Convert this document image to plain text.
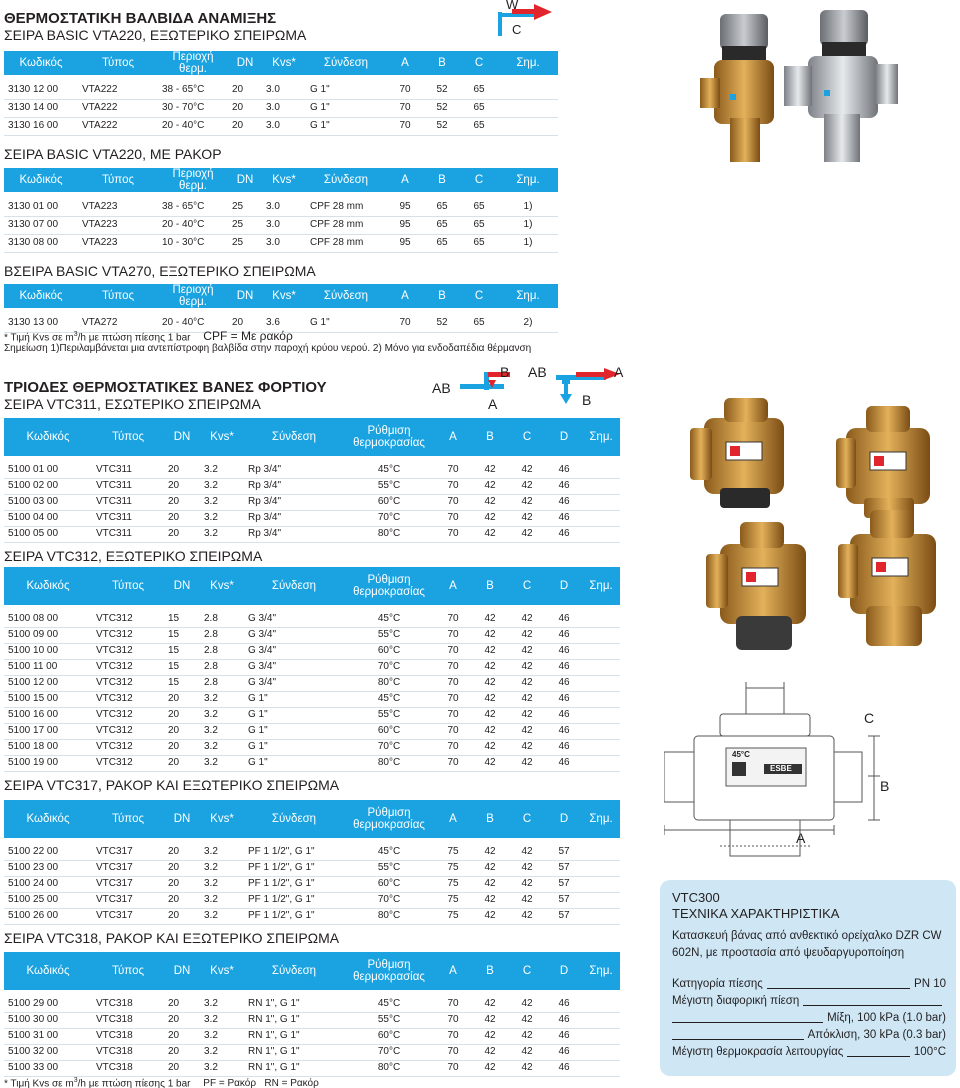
ΘΕΡΜΟΣΤΑΤΙΚΗ ΒΑΛΒΙΔΑ ΑΝΑΜΙΞΗΣ
ΣΕΙΡΑ BASIC VTA220, ΕΞΩΤΕΡΙΚΟ ΣΠΕΙΡΩΜΑ
W
C
Κωδικός	Τύπος	Περιοχή θερμ.	DN	Kvs*	Σύνδεση	A	B	C	Σημ.

3130 12 00	VTA222	38 - 65°C	20	3.0	G 1"	70	52	65	
3130 14 00	VTA222	30 - 70°C	20	3.0	G 1"	70	52	65	
3130 16 00	VTA222	20 - 40°C	20	3.0	G 1"	70	52	65	
ΣΕΙΡΑ BASIC VTA220, ΜΕ ΡΑΚΟΡ
Κωδικός	Τύπος	Περιοχή θερμ.	DN	Kvs*	Σύνδεση	A	B	C	Σημ.

3130 01 00	VTA223	38 - 65°C	25	3.0	CPF 28 mm	95	65	65	1)
3130 07 00	VTA223	20 - 40°C	25	3.0	CPF 28 mm	95	65	65	1)
3130 08 00	VTA223	10 - 30°C	25	3.0	CPF 28 mm	95	65	65	1)
ΒΣΕΙΡΑ BASIC VTA270, ΕΞΩΤΕΡΙΚΟ ΣΠΕΙΡΩΜΑ
Κωδικός	Τύπος	Περιοχή θερμ.	DN	Kvs*	Σύνδεση	A	B	C	Σημ.

3130 13 00	VTA272	20 - 40°C	20	3.6	G 1"	70	52	65	2)
* Τιμή Kvs σε $m^3/h$ με πτώση πίεσης 1 bar CPF = Με ρακόρ
Σημείωση 1)Περιλαμβάνεται μια αντεπίστροφη βαλβίδα στην παροχή κρύου νερού. 2) Μόνο για ενδοδαπέδια θέρμανση
ΤΡΙΟΔΕΣ ΘΕΡΜΟΣΤΑΤΙΚΕΣ ΒΑΝΕΣ ΦΟΡΤΙΟΥ
ΣΕΙΡΑ VTC311, ΕΣΩΤΕΡΙΚΟ ΣΠΕΙΡΩΜΑ
AB
B
A
AB	A
B
Κωδικός	Τύπος	DN	Kvs*	Σύνδεση	Ρύθμιση θερμοκρασίας	A	B	C	D	Σημ.

5100 01 00	VTC311	20	3.2	Rp 3/4"	45°C	70	42	42	46	
5100 02 00	VTC311	20	3.2	Rp 3/4"	55°C	70	42	42	46	
5100 03 00	VTC311	20	3.2	Rp 3/4"	60°C	70	42	42	46	
5100 04 00	VTC311	20	3.2	Rp 3/4"	70°C	70	42	42	46	
5100 05 00	VTC311	20	3.2	Rp 3/4"	80°C	70	42	42	46	
ΣΕΙΡΑ VTC312, ΕΞΩΤΕΡΙΚΟ ΣΠΕΙΡΩΜΑ
Κωδικός	Τύπος	DN	Kvs*	Σύνδεση	Ρύθμιση θερμοκρασίας	A	B	C	D	Σημ.

5100 08 00	VTC312	15	2.8	G 3/4"	45°C	70	42	42	46	
5100 09 00	VTC312	15	2.8	G 3/4"	55°C	70	42	42	46	
5100 10 00	VTC312	15	2.8	G 3/4"	60°C	70	42	42	46	
5100 11 00	VTC312	15	2.8	G 3/4"	70°C	70	42	42	46	
5100 12 00	VTC312	15	2.8	G 3/4"	80°C	70	42	42	46	
5100 15 00	VTC312	20	3.2	G 1"	45°C	70	42	42	46	
5100 16 00	VTC312	20	3.2	G 1"	55°C	70	42	42	46	
5100 17 00	VTC312	20	3.2	G 1"	60°C	70	42	42	46	
5100 18 00	VTC312	20	3.2	G 1"	70°C	70	42	42	46	
5100 19 00	VTC312	20	3.2	G 1"	80°C	70	42	42	46	
ΣΕΙΡΑ VTC317, ΡΑΚΟΡ ΚΑΙ ΕΞΩΤΕΡΙΚΟ ΣΠΕΙΡΩΜΑ
Κωδικός	Τύπος	DN	Kvs*	Σύνδεση	Ρύθμιση θερμοκρασίας	A	B	C	D	Σημ.

5100 22 00	VTC317	20	3.2	PF 1 1/2", G 1"	45°C	75	42	42	57	
5100 23 00	VTC317	20	3.2	PF 1 1/2", G 1"	55°C	75	42	42	57	
5100 24 00	VTC317	20	3.2	PF 1 1/2", G 1"	60°C	75	42	42	57	
5100 25 00	VTC317	20	3.2	PF 1 1/2", G 1"	70°C	75	42	42	57	
5100 26 00	VTC317	20	3.2	PF 1 1/2", G 1"	80°C	75	42	42	57	
ΣΕΙΡΑ VTC318, ΡΑΚΟΡ ΚΑΙ ΕΞΩΤΕΡΙΚΟ ΣΠΕΙΡΩΜΑ
Κωδικός	Τύπος	DN	Kvs*	Σύνδεση	Ρύθμιση θερμοκρασίας	A	B	C	D	Σημ.

5100 29 00	VTC318	20	3.2	RN 1", G 1"	45°C	70	42	42	46	
5100 30 00	VTC318	20	3.2	RN 1", G 1"	55°C	70	42	42	46	
5100 31 00	VTC318	20	3.2	RN 1", G 1"	60°C	70	42	42	46	
5100 32 00	VTC318	20	3.2	RN 1", G 1"	70°C	70	42	42	46	
5100 33 00	VTC318	20	3.2	RN 1", G 1"	80°C	70	42	42	46	
* Τιμή Kvs σε $m^3/h$ με πτώση πίεσης 1 bar PF = Ρακόρ   RN = Ρακόρ
45°C
ESBE
C
B
A
VTC300
ΤΕΧΝΙΚΑ ΧΑΡΑΚΤΗΡΙΣΤΙΚΑ
Κατασκευή βάνας από ανθεκτικό ορείχαλκο DZR CW 602N, με προστασία από ψευδαργυροποίηση
Κατηγορία πίεσης	PN 10
Μέγιστη διαφορική πίεση
Μίξη, 100 kPa (1.0 bar)
Απόκλιση, 30 kPa (0.3 bar)
Μέγιστη θερμοκρασία λειτουργίας	100°C
